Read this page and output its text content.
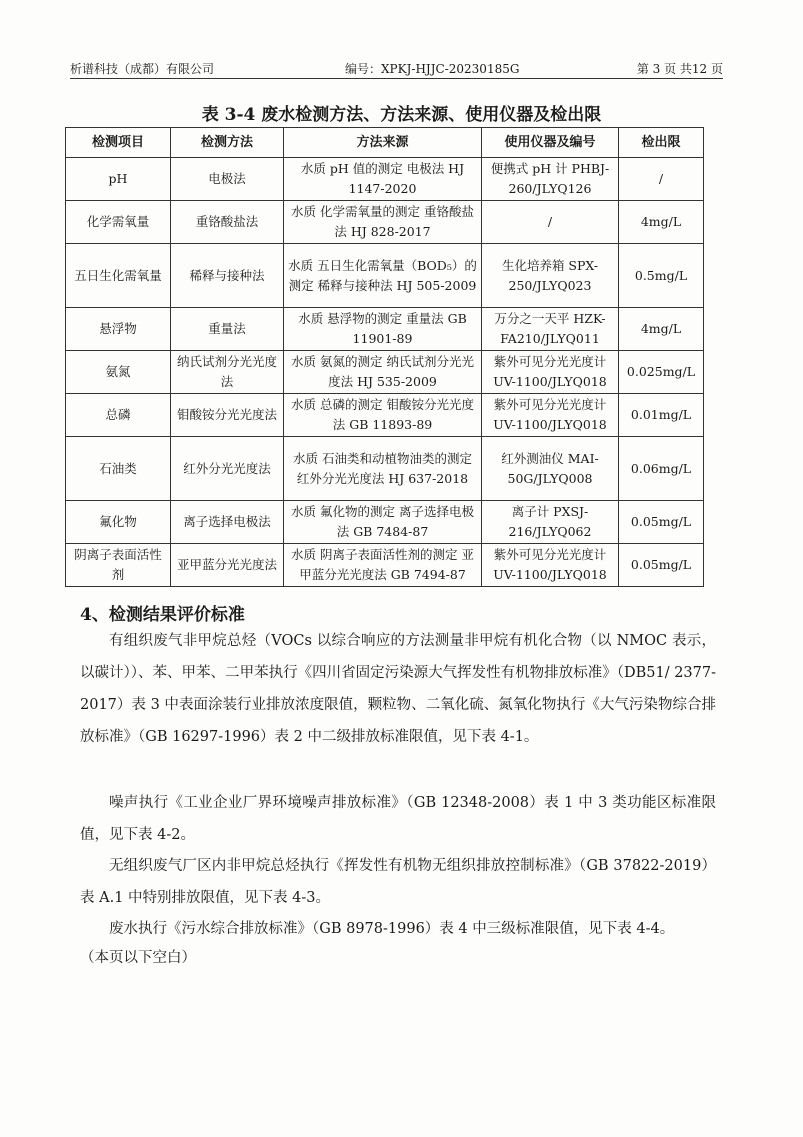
析谱科技（成都）有限公司	编号：XPKJ-HJJC-20230185G	第 3 页 共12 页
表 3-4 废水检测方法、方法来源、使用仪器及检出限
检测项目	检测方法	方法来源	使用仪器及编号	检出限
pH	电极法	水质 pH 值的测定 电极法 HJ 1147-2020	便携式 pH 计 PHBJ-260/JLYQ126	/
化学需氧量	重铬酸盐法	水质 化学需氧量的测定 重铬酸盐法 HJ 828-2017	/	4mg/L
五日生化需氧量	稀释与接种法	水质 五日生化需氧量（BOD₅）的测定 稀释与接种法 HJ 505-2009	生化培养箱 SPX-250/JLYQ023	0.5mg/L
悬浮物	重量法	水质 悬浮物的测定 重量法 GB 11901-89	万分之一天平 HZK-FA210/JLYQ011	4mg/L
氨氮	纳氏试剂分光光度法	水质 氨氮的测定 纳氏试剂分光光度法 HJ 535-2009	紫外可见分光光度计 UV-1100/JLYQ018	0.025mg/L
总磷	钼酸铵分光光度法	水质 总磷的测定 钼酸铵分光光度法 GB 11893-89	紫外可见分光光度计 UV-1100/JLYQ018	0.01mg/L
石油类	红外分光光度法	水质 石油类和动植物油类的测定 红外分光光度法 HJ 637-2018	红外测油仪 MAI-50G/JLYQ008	0.06mg/L
氟化物	离子选择电极法	水质 氟化物的测定 离子选择电极法 GB 7484-87	离子计 PXSJ-216/JLYQ062	0.05mg/L
阴离子表面活性剂	亚甲蓝分光光度法	水质 阴离子表面活性剂的测定 亚甲蓝分光光度法 GB 7494-87	紫外可见分光光度计 UV-1100/JLYQ018	0.05mg/L
4、检测结果评价标准

有组织废气非甲烷总烃（VOCs 以综合响应的方法测量非甲烷有机化合物（以 NMOC 表示，以碳计））、苯、甲苯、二甲苯执行《四川省固定污染源大气挥发性有机物排放标准》（DB51/ 2377-2017）表 3 中表面涂装行业排放浓度限值，颗粒物、二氧化硫、氮氧化物执行《大气污染物综合排放标准》（GB 16297-1996）表 2 中二级排放标准限值，见下表 4-1。

噪声执行《工业企业厂界环境噪声排放标准》（GB 12348-2008）表 1 中 3 类功能区标准限值，见下表 4-2。

无组织废气厂区内非甲烷总烃执行《挥发性有机物无组织排放控制标准》（GB 37822-2019）表 A.1 中特别排放限值，见下表 4-3。

废水执行《污水综合排放标准》（GB 8978-1996）表 4 中三级标准限值，见下表 4-4。

（本页以下空白）
